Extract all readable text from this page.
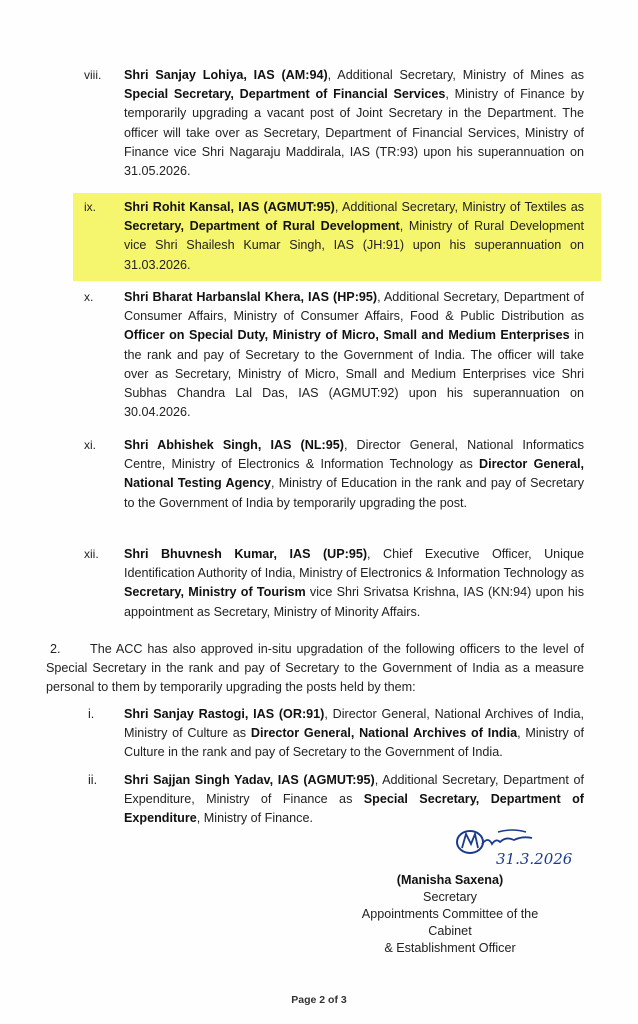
viii.	Shri Sanjay Lohiya, IAS (AM:94), Additional Secretary, Ministry of Mines as Special Secretary, Department of Financial Services, Ministry of Finance by temporarily upgrading a vacant post of Joint Secretary in the Department. The officer will take over as Secretary, Department of Financial Services, Ministry of Finance vice Shri Nagaraju Maddirala, IAS (TR:93) upon his superannuation on 31.05.2026.
ix.	Shri Rohit Kansal, IAS (AGMUT:95), Additional Secretary, Ministry of Textiles as Secretary, Department of Rural Development, Ministry of Rural Development vice Shri Shailesh Kumar Singh, IAS (JH:91) upon his superannuation on 31.03.2026.
x.	Shri Bharat Harbanslal Khera, IAS (HP:95), Additional Secretary, Department of Consumer Affairs, Ministry of Consumer Affairs, Food & Public Distribution as Officer on Special Duty, Ministry of Micro, Small and Medium Enterprises in the rank and pay of Secretary to the Government of India. The officer will take over as Secretary, Ministry of Micro, Small and Medium Enterprises vice Shri Subhas Chandra Lal Das, IAS (AGMUT:92) upon his superannuation on 30.04.2026.
xi.	Shri Abhishek Singh, IAS (NL:95), Director General, National Informatics Centre, Ministry of Electronics & Information Technology as Director General, National Testing Agency, Ministry of Education in the rank and pay of Secretary to the Government of India by temporarily upgrading the post.
xii.	Shri Bhuvnesh Kumar, IAS (UP:95), Chief Executive Officer, Unique Identification Authority of India, Ministry of Electronics & Information Technology as Secretary, Ministry of Tourism vice Shri Srivatsa Krishna, IAS (KN:94) upon his appointment as Secretary, Ministry of Minority Affairs.
2. The ACC has also approved in-situ upgradation of the following officers to the level of Special Secretary in the rank and pay of Secretary to the Government of India as a measure personal to them by temporarily upgrading the posts held by them:
i. Shri Sanjay Rastogi, IAS (OR:91), Director General, National Archives of India, Ministry of Culture as Director General, National Archives of India, Ministry of Culture in the rank and pay of Secretary to the Government of India.
ii. Shri Sajjan Singh Yadav, IAS (AGMUT:95), Additional Secretary, Department of Expenditure, Ministry of Finance as Special Secretary, Department of Expenditure, Ministry of Finance.
31.3.2026
(Manisha Saxena)
Secretary
Appointments Committee of the Cabinet
& Establishment Officer
Page 2 of 3
